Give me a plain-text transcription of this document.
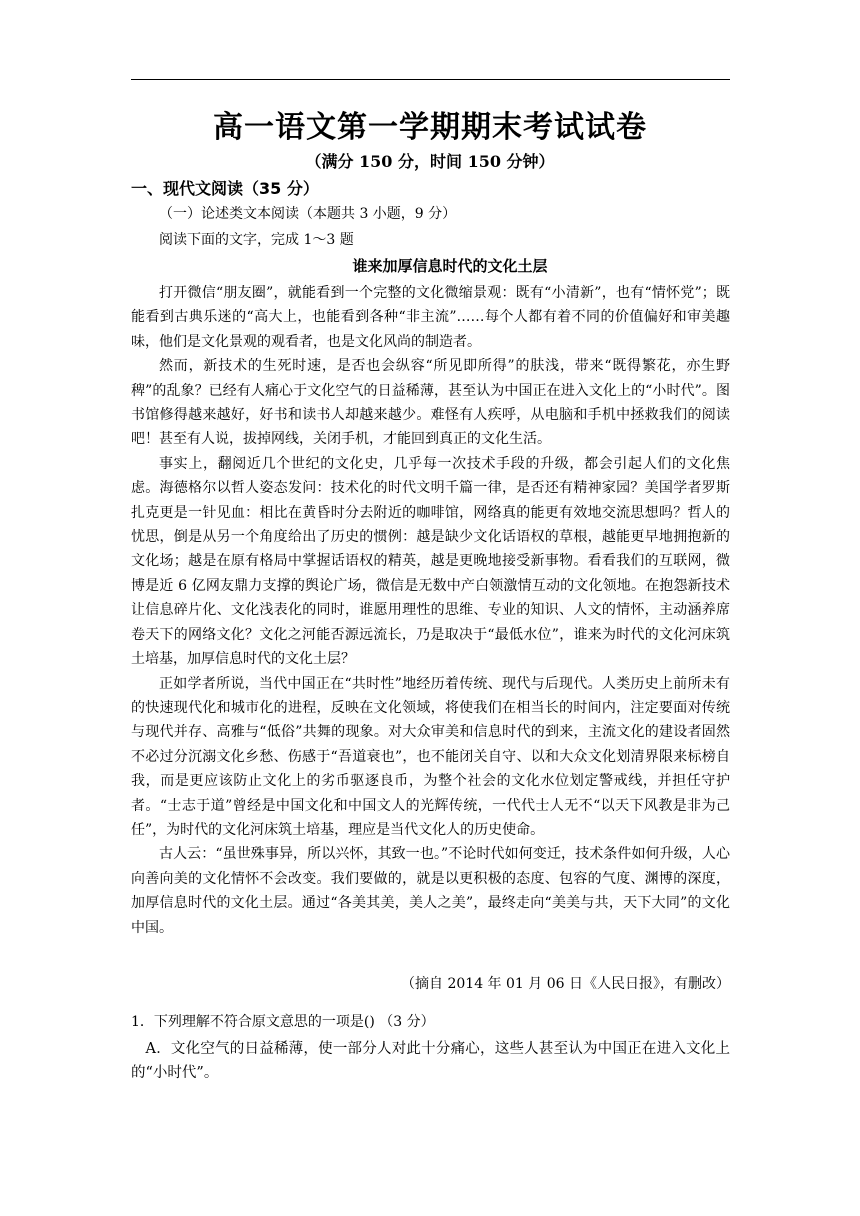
高一语文第一学期期末考试试卷
（满分 150 分，时间 150 分钟）
一、现代文阅读（35 分）
（一）论述类文本阅读（本题共 3 小题，9 分）
阅读下面的文字，完成 1～3 题
谁来加厚信息时代的文化土层

打开微信“朋友圈”，就能看到一个完整的文化微缩景观：既有“小清新”，也有“情怀党”；既能看到古典乐迷的“高大上，也能看到各种“非主流”……每个人都有着不同的价值偏好和审美趣味，他们是文化景观的观看者，也是文化风尚的制造者。

然而，新技术的生死时速，是否也会纵容“所见即所得”的肤浅，带来“既得繁花，亦生野稗”的乱象？已经有人痛心于文化空气的日益稀薄，甚至认为中国正在进入文化上的“小时代”。图书馆修得越来越好，好书和读书人却越来越少。难怪有人疾呼，从电脑和手机中拯救我们的阅读吧！甚至有人说，拔掉网线，关闭手机，才能回到真正的文化生活。

事实上，翻阅近几个世纪的文化史，几乎每一次技术手段的升级，都会引起人们的文化焦虑。海德格尔以哲人姿态发问：技术化的时代文明千篇一律，是否还有精神家园？美国学者罗斯扎克更是一针见血：相比在黄昏时分去附近的咖啡馆，网络真的能更有效地交流思想吗？哲人的忧思，倒是从另一个角度给出了历史的惯例：越是缺少文化话语权的草根，越能更早地拥抱新的文化场；越是在原有格局中掌握话语权的精英，越是更晚地接受新事物。看看我们的互联网，微博是近 6 亿网友鼎力支撑的舆论广场，微信是无数中产白领激情互动的文化领地。在抱怨新技术让信息碎片化、文化浅表化的同时，谁愿用理性的思维、专业的知识、人文的情怀，主动涵养席卷天下的网络文化？文化之河能否源远流长，乃是取决于“最低水位”，谁来为时代的文化河床筑土培基，加厚信息时代的文化土层？

正如学者所说，当代中国正在“共时性”地经历着传统、现代与后现代。人类历史上前所未有的快速现代化和城市化的进程，反映在文化领域，将使我们在相当长的时间内，注定要面对传统与现代并存、高雅与“低俗”共舞的现象。对大众审美和信息时代的到来，主流文化的建设者固然不必过分沉溺文化乡愁、伤感于“吾道衰也”，也不能闭关自守、以和大众文化划清界限来标榜自我，而是更应该防止文化上的劣币驱逐良币，为整个社会的文化水位划定警戒线，并担任守护者。“士志于道”曾经是中国文化和中国文人的光辉传统，一代代士人无不“以天下风教是非为己任”，为时代的文化河床筑土培基，理应是当代文化人的历史使命。

古人云：“虽世殊事异，所以兴怀，其致一也。”不论时代如何变迁，技术条件如何升级，人心向善向美的文化情怀不会改变。我们要做的，就是以更积极的态度、包容的气度、渊博的深度，加厚信息时代的文化土层。通过“各美其美，美人之美”，最终走向“美美与共，天下大同”的文化中国。

（摘自 2014 年 01 月 06 日《人民日报》，有删改）
1．下列理解不符合原文意思的一项是() （3 分）

A．文化空气的日益稀薄，使一部分人对此十分痛心，这些人甚至认为中国正在进入文化上的“小时代”。
